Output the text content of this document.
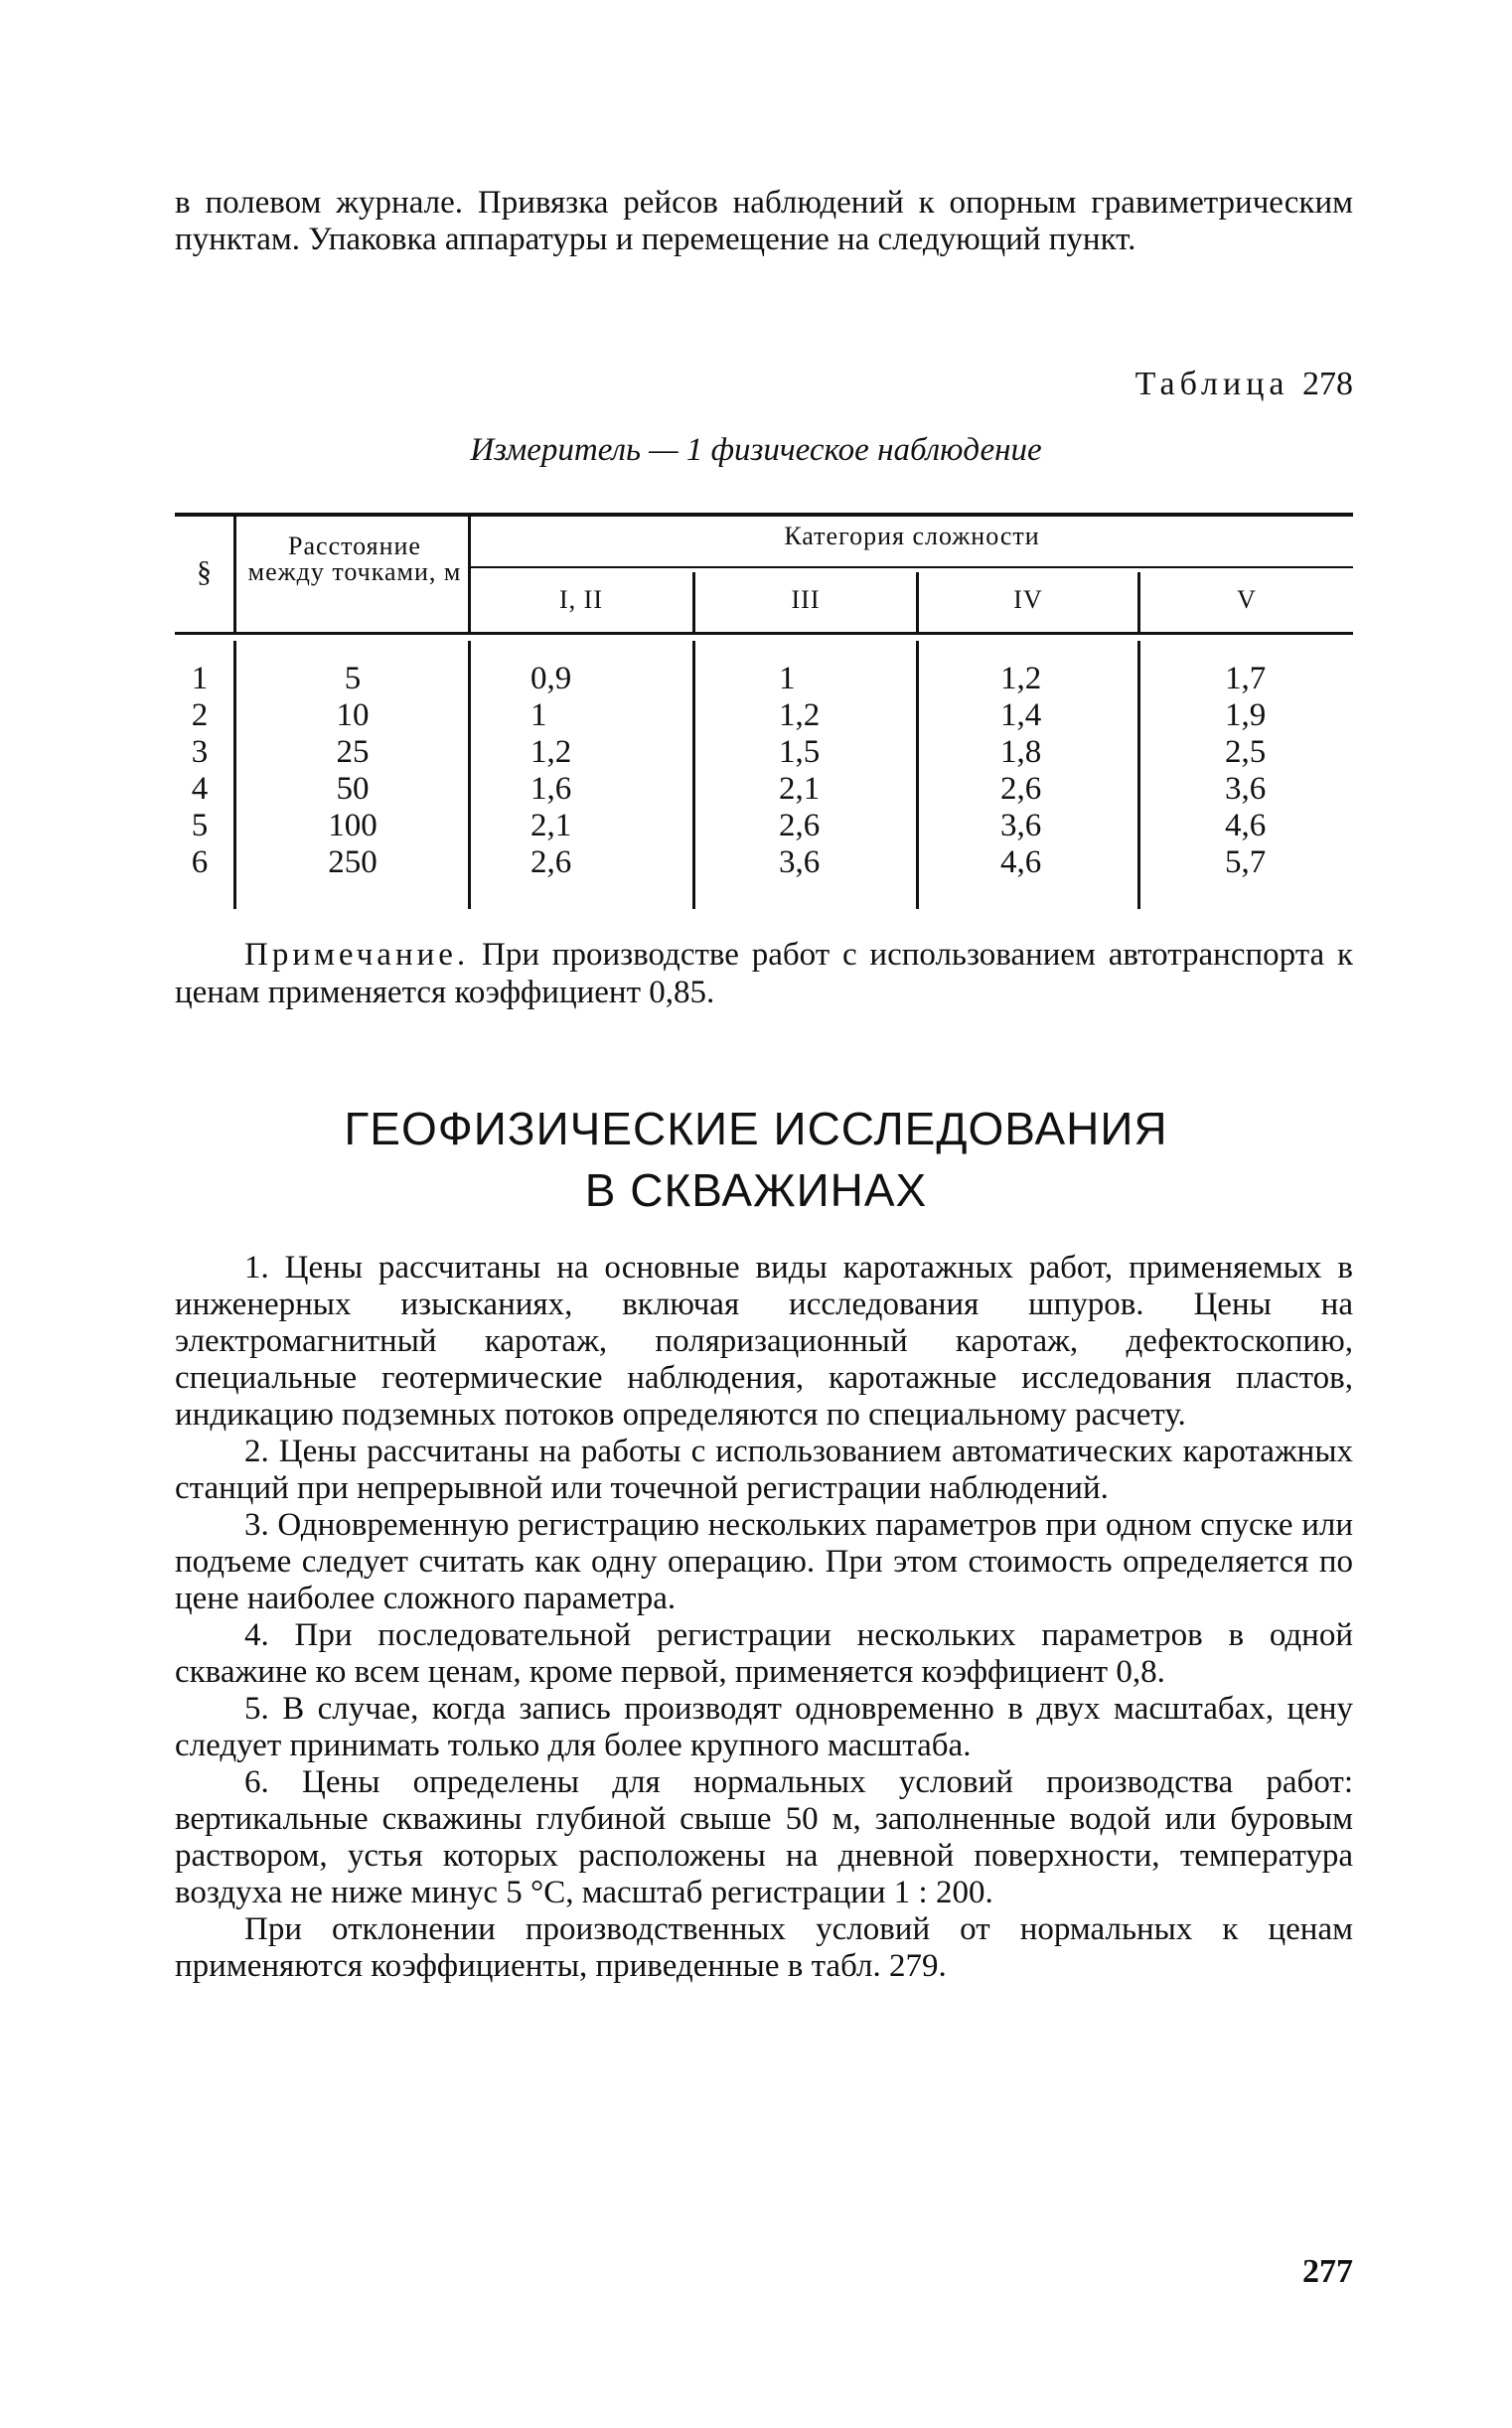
в полевом журнале. Привязка рейсов наблюдений к опорным гравиметрическим пунктам. Упаковка аппаратуры и перемещение на следующий пункт.
Таблица 278
Измеритель — 1 физическое наблюдение
§
Расстояние между точками, м
Категория сложности
I, II	III	IV	V
1	5	0,9	1	1,2	1,7
2	10	1	1,2	1,4	1,9
3	25	1,2	1,5	1,8	2,5
4	50	1,6	2,1	2,6	3,6
5	100	2,1	2,6	3,6	4,6
6	250	2,6	3,6	4,6	5,7
Примечание. При производстве работ с использованием автотранспорта к ценам применяется коэффициент 0,85.
ГЕОФИЗИЧЕСКИЕ ИССЛЕДОВАНИЯ
В СКВАЖИНАХ

1. Цены рассчитаны на основные виды каротажных работ, применяемых в инженерных изысканиях, включая исследования шпуров. Цены на электромагнитный каротаж, поляризационный каротаж, дефектоскопию, специальные геотермические наблюдения, каротажные исследования пластов, индикацию подземных потоков определяются по специальному расчету.

2. Цены рассчитаны на работы с использованием автоматических каротажных станций при непрерывной или точечной регистрации наблюдений.

3. Одновременную регистрацию нескольких параметров при одном спуске или подъеме следует считать как одну операцию. При этом стоимость определяется по цене наиболее сложного параметра.

4. При последовательной регистрации нескольких параметров в одной скважине ко всем ценам, кроме первой, применяется коэффициент 0,8.

5. В случае, когда запись производят одновременно в двух масштабах, цену следует принимать только для более крупного масштаба.

6. Цены определены для нормальных условий производства работ: вертикальные скважины глубиной свыше 50 м, заполненные водой или буровым раствором, устья которых расположены на дневной поверхности, температура воздуха не ниже минус 5 °С, масштаб регистрации 1 : 200.

При отклонении производственных условий от нормальных к ценам применяются коэффициенты, приведенные в табл. 279.

277
